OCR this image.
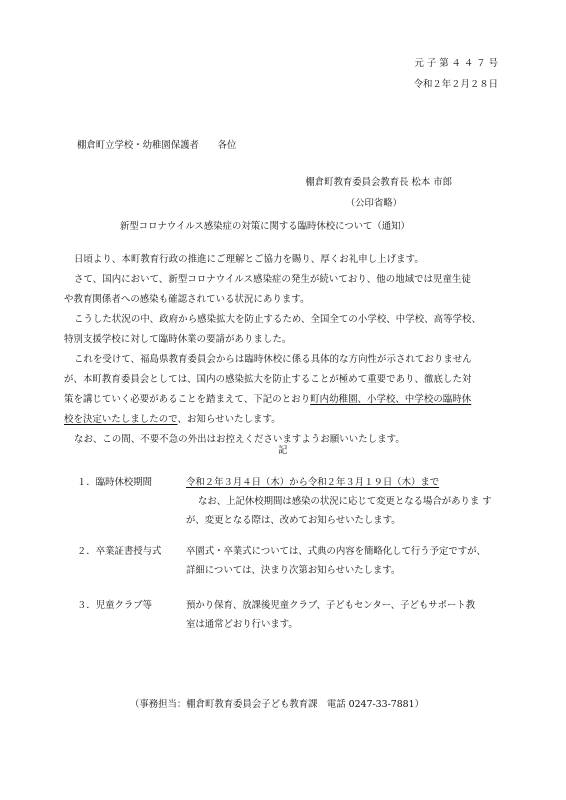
元 子 第 ４ ４ ７ 号
令和２年２月２８日
棚倉町立学校・幼稚園保護者　　各位
棚倉町教育委員会教育長 松本 市郎
（公印省略）
新型コロナウイルス感染症の対策に関する臨時休校について（通知）
日頃より、本町教育行政の推進にご理解とご協力を賜り、厚くお礼申し上げます。
さて、国内において、新型コロナウイルス感染症の発生が続いており、他の地域では児童生徒
や教育関係者への感染も確認されている状況にあります。
こうした状況の中、政府から感染拡大を防止するため、全国全ての小学校、中学校、高等学校、
特別支援学校に対して臨時休業の要請がありました。
これを受けて、福島県教育委員会からは臨時休校に係る具体的な方向性が示されておりません
が、本町教育委員会としては、国内の感染拡大を防止することが極めて重要であり、徹底した対
策を講じていく必要があることを踏まえて、下記のとおり町内幼稚園、小学校、中学校の臨時休
校を決定いたしましたので、お知らせいたします。
なお、この間、不要不急の外出はお控えくださいますようお願いいたします。
記
１．臨時休校期間	令和２年３月４日（木）から令和２年３月１９日（木）まで
なお、上記休校期間は感染の状況に応じて変更となる場合がありま す
が、変更となる際は、改めてお知らせいたします。
２．卒業証書授与式	卒園式・卒業式については、式典の内容を簡略化して行う予定ですが、
詳細については、決まり次第お知らせいたします。
３．児童クラブ等	預かり保育、放課後児童クラブ、子どもセンター、子どもサポート教
室は通常どおり行います。
（事務担当：棚倉町教育委員会子ども教育課　電話 0247-33-7881）
